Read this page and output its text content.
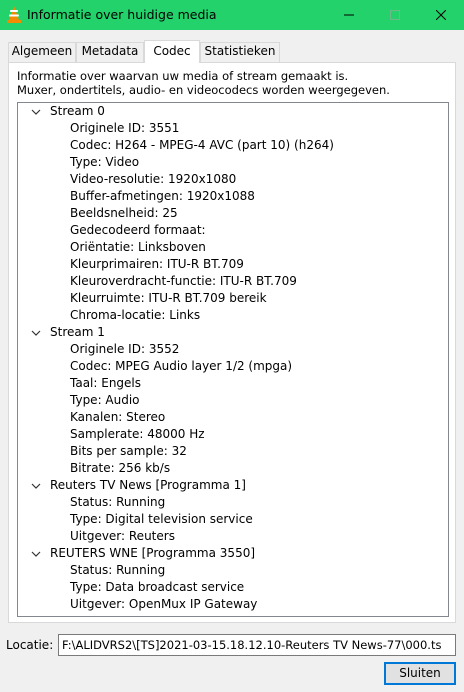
Informatie over huidige media
Algemeen Metadata	Codec	Statistieken
Informatie over waarvan uw media of stream gemaakt is.
Muxer, ondertitels, audio- en videocodecs worden weergegeven.
Stream 0
Originele ID: 3551
Codec: H264 - MPEG-4 AVC (part 10) (h264)
Type: Video
Video-resolutie: 1920x1080
Buffer-afmetingen: 1920x1088
Beeldsnelheid: 25
Gedecodeerd formaat:
Oriëntatie: Linksboven
Kleurprimairen: ITU-R BT.709
Kleuroverdracht-functie: ITU-R BT.709
Kleurruimte: ITU-R BT.709 bereik
Chroma-locatie: Links
Stream 1
Originele ID: 3552
Codec: MPEG Audio layer 1/2 (mpga)
Taal: Engels
Type: Audio
Kanalen: Stereo
Samplerate: 48000 Hz
Bits per sample: 32
Bitrate: 256 kb/s
Reuters TV News [Programma 1]
Status: Running
Type: Digital television service
Uitgever: Reuters
REUTERS WNE [Programma 3550]
Status: Running
Type: Data broadcast service
Uitgever: OpenMux IP Gateway
Locatie: F:\ALIDVRS2\[TS]2021-03-15.18.12.10-Reuters TV News-77\000.ts
Sluiten
